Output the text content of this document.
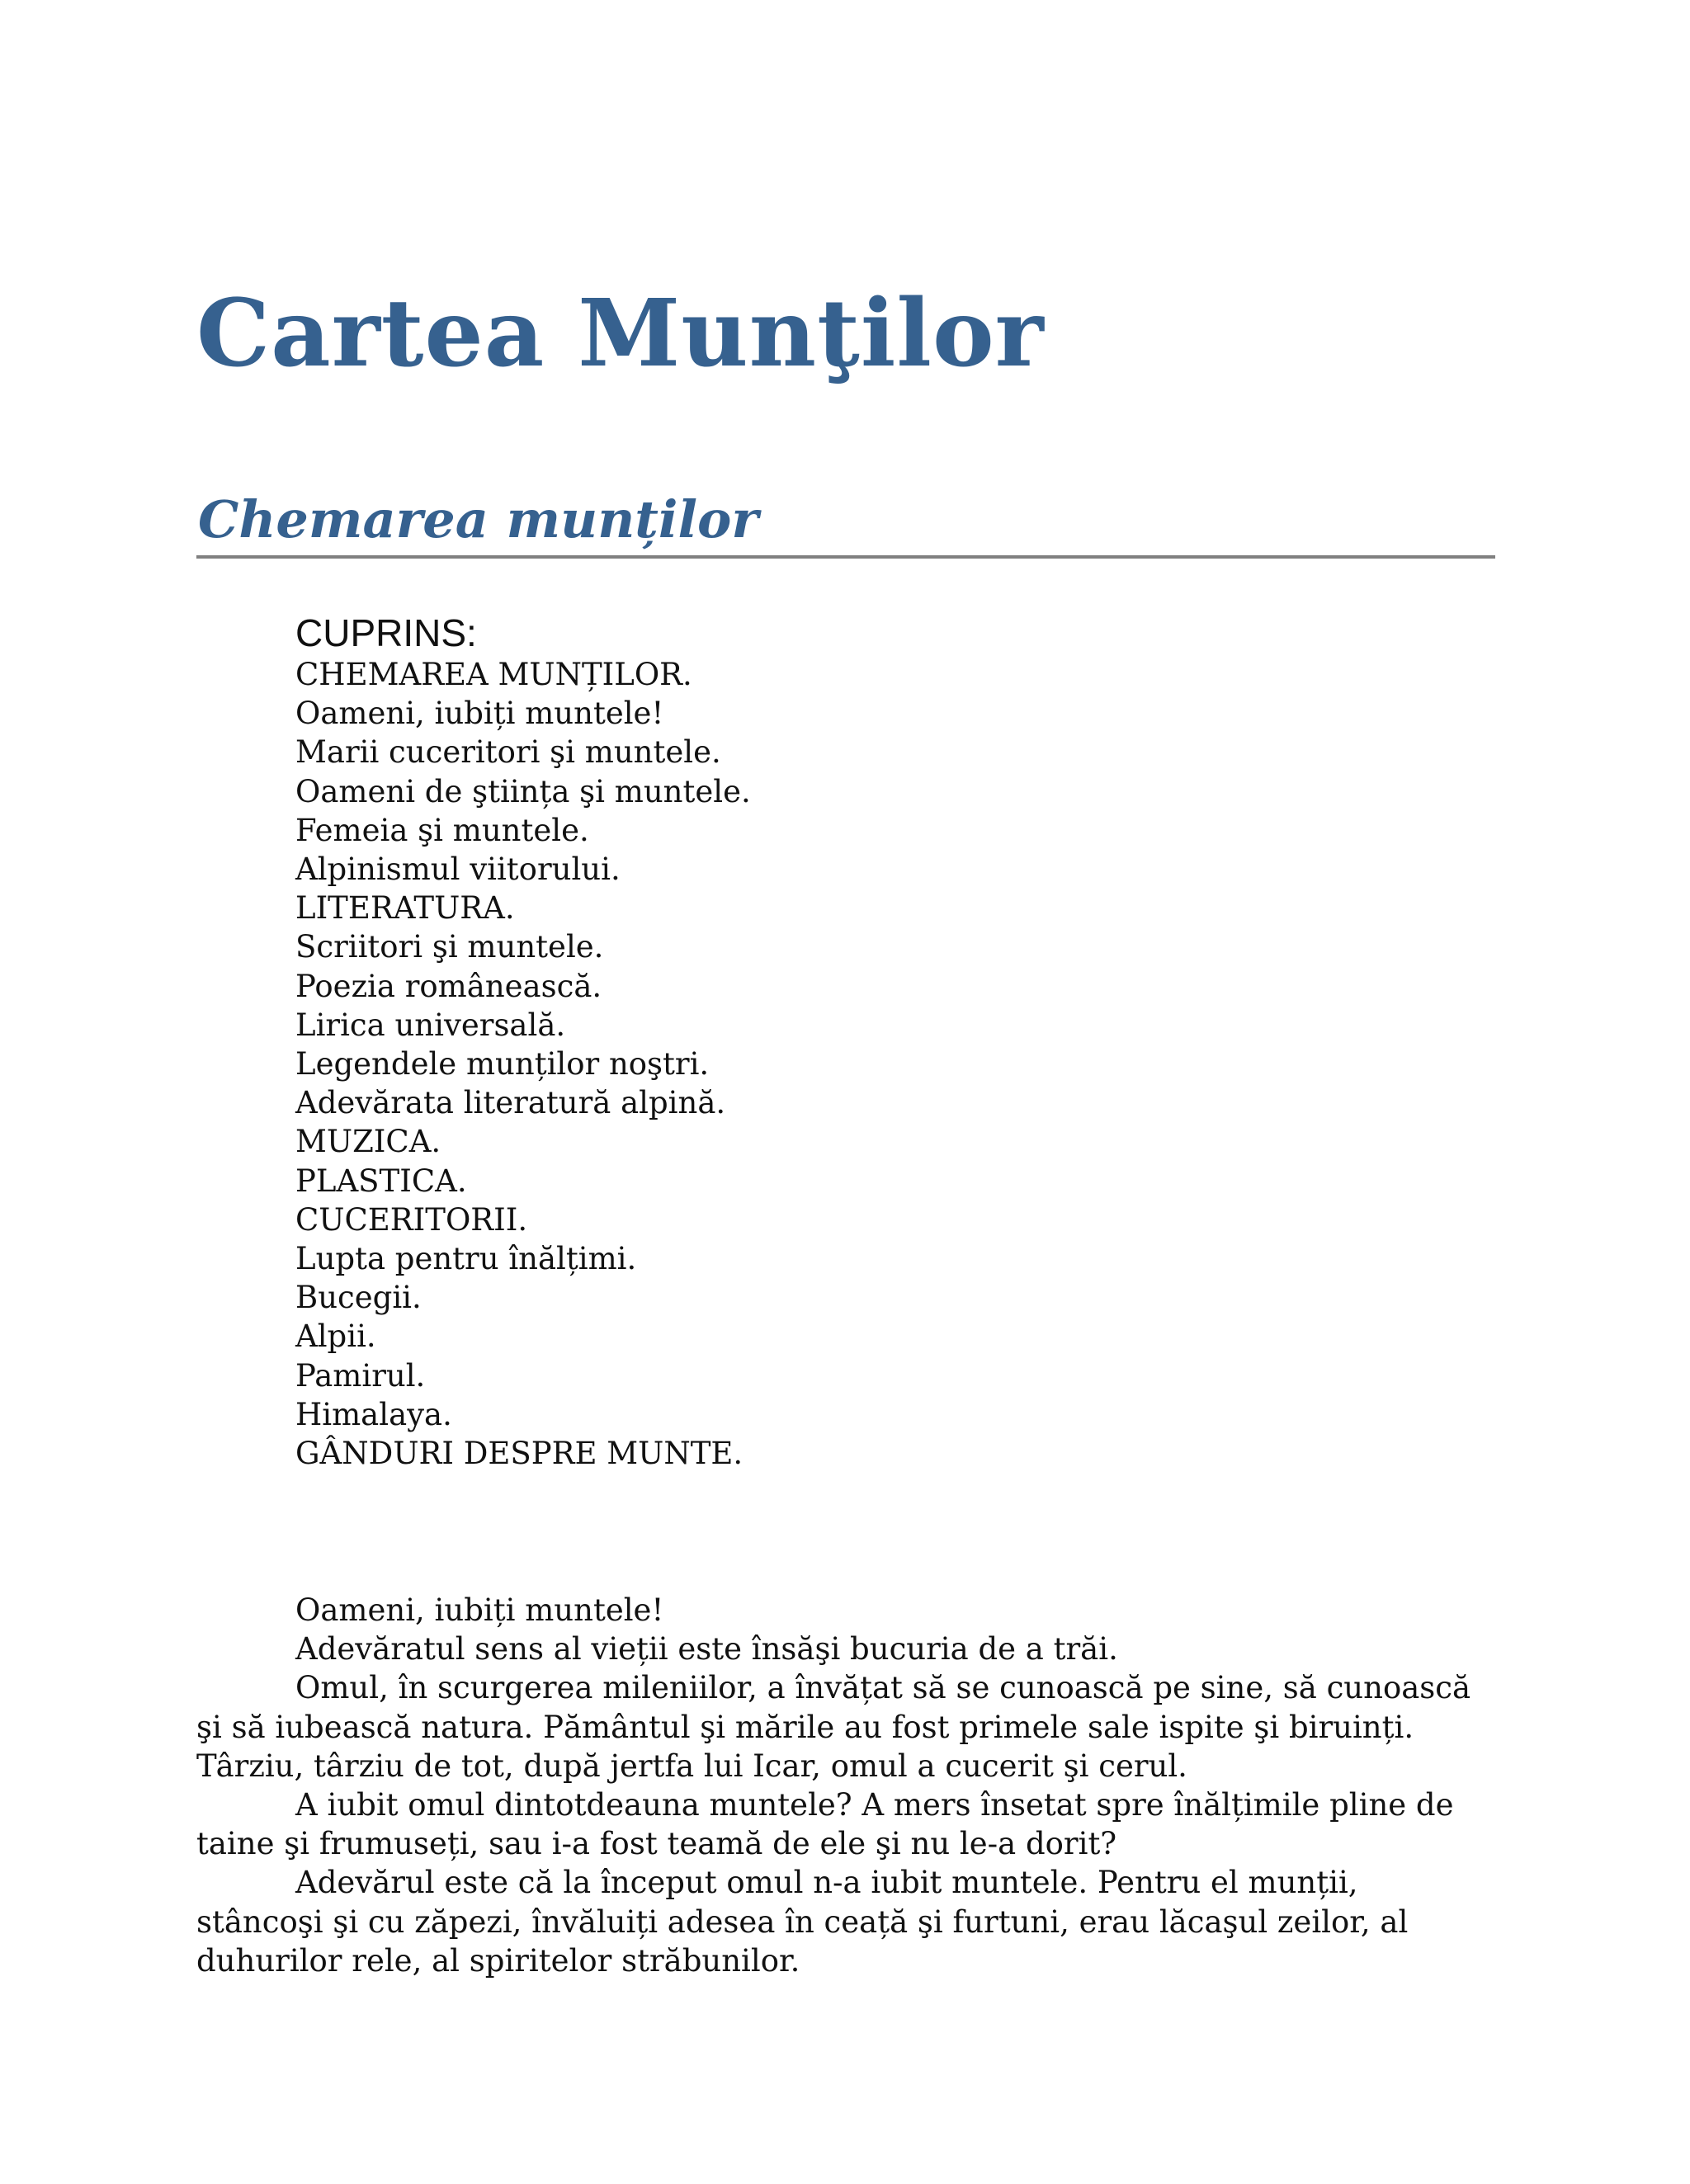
Cartea Munţilor
Chemarea munților

CUPRINS:

CHEMAREA MUNȚILOR.
Oameni, iubiți muntele!
Marii cuceritori şi muntele.
Oameni de ştiința şi muntele.
Femeia şi muntele.
Alpinismul viitorului.
LITERATURA.
Scriitori şi muntele.
Poezia românească.
Lirica universală.
Legendele munților noştri.
Adevărata literatură alpină.
MUZICA.
PLASTICA.
CUCERITORII.
Lupta pentru înălțimi.
Bucegii.
Alpii.
Pamirul.
Himalaya.
GÂNDURI DESPRE MUNTE.

Oameni, iubiți muntele!

Adevăratul sens al vieții este însăşi bucuria de a trăi.

Omul, în scurgerea mileniilor, a învățat să se cunoască pe sine, să cunoască şi să iubească natura. Pământul şi mările au fost primele sale ispite şi biruinți. Târziu, târziu de tot, după jertfa lui Icar, omul a cucerit şi cerul.

A iubit omul dintotdeauna muntele? A mers însetat spre înălțimile pline de taine şi frumuseți, sau i-a fost teamă de ele şi nu le-a dorit?

Adevărul este că la început omul n-a iubit muntele. Pentru el munții, stâncoşi şi cu zăpezi, învăluiți adesea în ceață şi furtuni, erau lăcaşul zeilor, al duhurilor rele, al spiritelor străbunilor.
